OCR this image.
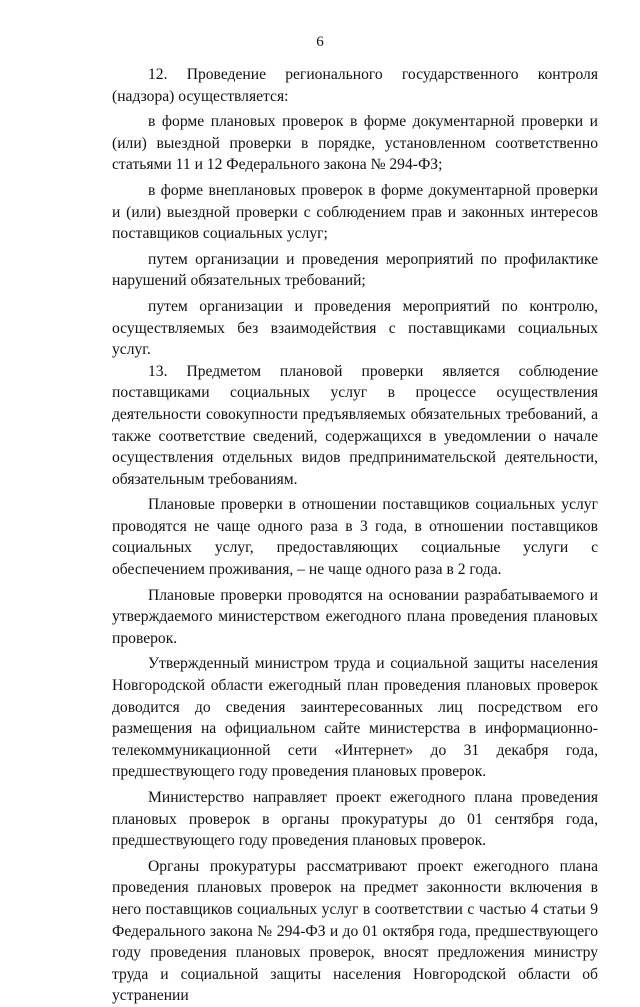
6

12. Проведение регионального государственного контроля (надзора) осуществляется:

в форме плановых проверок в форме документарной проверки и (или) выездной проверки в порядке, установленном соответственно статьями 11 и 12 Федерального закона № 294-ФЗ;

в форме внеплановых проверок в форме документарной проверки и (или) выездной проверки с соблюдением прав и законных интересов поставщиков социальных услуг;

путем организации и проведения мероприятий по профилактике нарушений обязательных требований;

путем организации и проведения мероприятий по контролю, осуществляемых без взаимодействия с поставщиками социальных услуг.

13. Предметом плановой проверки является соблюдение поставщиками социальных услуг в процессе осуществления деятельности совокупности предъявляемых обязательных требований, а также соответствие сведений, содержащихся в уведомлении о начале осуществления отдельных видов предпринимательской деятельности, обязательным требованиям.

Плановые проверки в отношении поставщиков социальных услуг проводятся не чаще одного раза в 3 года, в отношении поставщиков социальных услуг, предоставляющих социальные услуги с обеспечением проживания, – не чаще одного раза в 2 года.

Плановые проверки проводятся на основании разрабатываемого и утверждаемого министерством ежегодного плана проведения плановых проверок.

Утвержденный министром труда и социальной защиты населения Новгородской области ежегодный план проведения плановых проверок доводится до сведения заинтересованных лиц посредством его размещения на официальном сайте министерства в информационно-телекоммуникационной сети «Интернет» до 31 декабря года, предшествующего году проведения плановых проверок.

Министерство направляет проект ежегодного плана проведения плановых проверок в органы прокуратуры до 01 сентября года, предшествующего году проведения плановых проверок.

Органы прокуратуры рассматривают проект ежегодного плана проведения плановых проверок на предмет законности включения в него поставщиков социальных услуг в соответствии с частью 4 статьи 9 Федерального закона № 294-ФЗ и до 01 октября года, предшествующего году проведения плановых проверок, вносят предложения министру труда и социальной защиты населения Новгородской области об устранении
